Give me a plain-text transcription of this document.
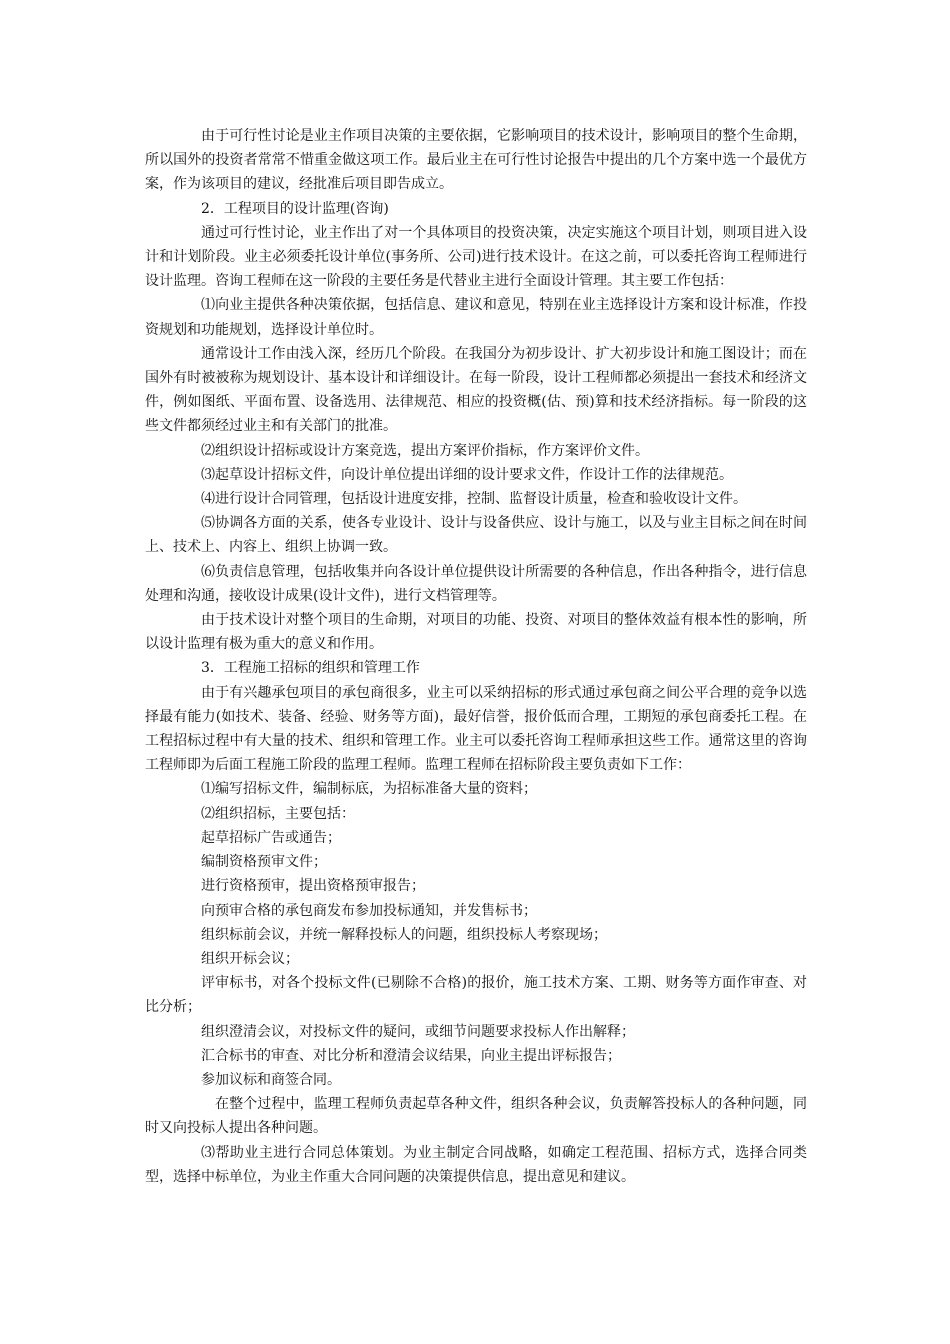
由于可行性讨论是业主作项目决策的主要依据，它影响项目的技术设计，影响项目的整个生命期，所以国外的投资者常常不惜重金做这项工作。最后业主在可行性讨论报告中提出的几个方案中选一个最优方案，作为该项目的建议，经批准后项目即告成立。

2．工程项目的设计监理(咨询)

通过可行性讨论，业主作出了对一个具体项目的投资决策，决定实施这个项目计划，则项目进入设计和计划阶段。业主必须委托设计单位(事务所、公司)进行技术设计。在这之前，可以委托咨询工程师进行设计监理。咨询工程师在这一阶段的主要任务是代替业主进行全面设计管理。其主要工作包括：

⑴向业主提供各种决策依据，包括信息、建议和意见，特别在业主选择设计方案和设计标准，作投资规划和功能规划，选择设计单位时。

通常设计工作由浅入深，经历几个阶段。在我国分为初步设计、扩大初步设计和施工图设计；而在国外有时被被称为规划设计、基本设计和详细设计。在每一阶段，设计工程师都必须提出一套技术和经济文件，例如图纸、平面布置、设备选用、法律规范、相应的投资概(估、预)算和技术经济指标。每一阶段的这些文件都须经过业主和有关部门的批准。

⑵组织设计招标或设计方案竞选，提出方案评价指标，作方案评价文件。

⑶起草设计招标文件，向设计单位提出详细的设计要求文件，作设计工作的法律规范。

⑷进行设计合同管理，包括设计进度安排，控制、监督设计质量，检查和验收设计文件。

⑸协调各方面的关系，使各专业设计、设计与设备供应、设计与施工，以及与业主目标之间在时间上、技术上、内容上、组织上协调一致。

⑹负责信息管理，包括收集并向各设计单位提供设计所需要的各种信息，作出各种指令，进行信息处理和沟通，接收设计成果(设计文件)，进行文档管理等。

由于技术设计对整个项目的生命期，对项目的功能、投资、对项目的整体效益有根本性的影响，所以设计监理有极为重大的意义和作用。

3．工程施工招标的组织和管理工作

由于有兴趣承包项目的承包商很多，业主可以采纳招标的形式通过承包商之间公平合理的竞争以选择最有能力(如技术、装备、经验、财务等方面)，最好信誉，报价低而合理，工期短的承包商委托工程。在工程招标过程中有大量的技术、组织和管理工作。业主可以委托咨询工程师承担这些工作。通常这里的咨询工程师即为后面工程施工阶段的监理工程师。监理工程师在招标阶段主要负责如下工作：

⑴编写招标文件，编制标底，为招标准备大量的资料；

⑵组织招标，主要包括：

起草招标广告或通告；

编制资格预审文件；

进行资格预审，提出资格预审报告；

向预审合格的承包商发布参加投标通知，并发售标书；

组织标前会议，并统一解释投标人的问题，组织投标人考察现场；

组织开标会议；

评审标书，对各个投标文件(已剔除不合格)的报价，施工技术方案、工期、财务等方面作审查、对比分析；

组织澄清会议，对投标文件的疑问，或细节问题要求投标人作出解释；

汇合标书的审查、对比分析和澄清会议结果，向业主提出评标报告；

参加议标和商签合同。

在整个过程中，监理工程师负责起草各种文件，组织各种会议，负责解答投标人的各种问题，同时又向投标人提出各种问题。

⑶帮助业主进行合同总体策划。为业主制定合同战略，如确定工程范围、招标方式，选择合同类型，选择中标单位，为业主作重大合同问题的决策提供信息，提出意见和建议。
